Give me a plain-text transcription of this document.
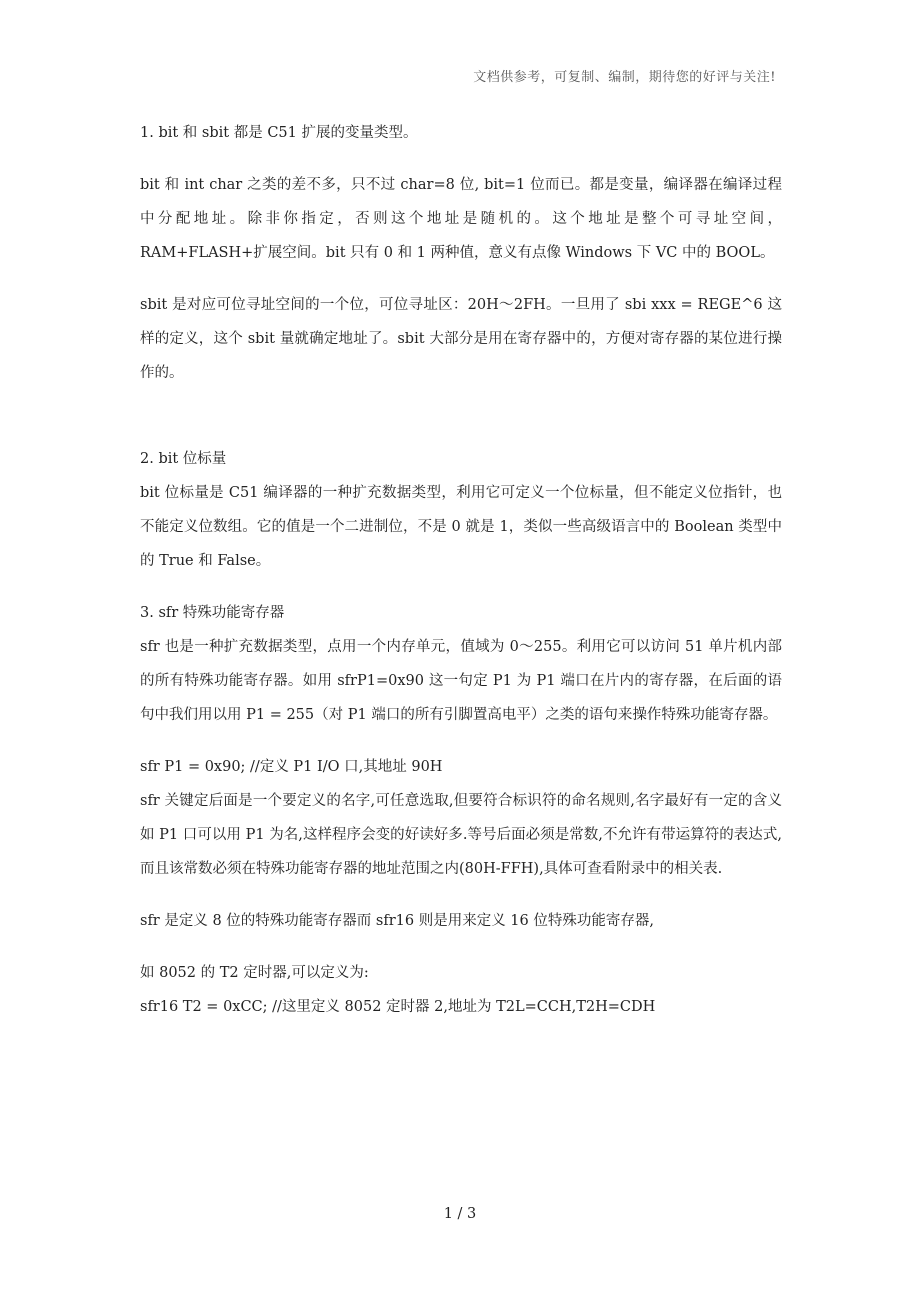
文档供参考，可复制、编制，期待您的好评与关注!

1. bit 和 sbit 都是 C51 扩展的变量类型。

bit 和 int char 之类的差不多，只不过 char=8 位, bit=1 位而已。都是变量，编译器在编译过程中分配地址。除非你指定，否则这个地址是随机的。这个地址是整个可寻址空间，RAM+FLASH+扩展空间。bit 只有 0 和 1 两种值，意义有点像 Windows 下 VC 中的 BOOL。

sbit 是对应可位寻址空间的一个位，可位寻址区：20H～2FH。一旦用了 sbi xxx = REGE^6 这样的定义，这个 sbit 量就确定地址了。sbit 大部分是用在寄存器中的，方便对寄存器的某位进行操作的。

2. bit 位标量

bit 位标量是 C51 编译器的一种扩充数据类型，利用它可定义一个位标量，但不能定义位指针，也不能定义位数组。它的值是一个二进制位，不是 0 就是 1，类似一些高级语言中的 Boolean 类型中的 True 和 False。

3. sfr 特殊功能寄存器

sfr 也是一种扩充数据类型，点用一个内存单元，值域为 0～255。利用它可以访问 51 单片机内部的所有特殊功能寄存器。如用 sfrP1=0x90 这一句定 P1 为 P1 端口在片内的寄存器，在后面的语句中我们用以用 P1 = 255（对 P1 端口的所有引脚置高电平）之类的语句来操作特殊功能寄存器。

sfr P1 = 0x90; //定义 P1 I/O 口,其地址 90H

sfr 关键定后面是一个要定义的名字,可任意选取,但要符合标识符的命名规则,名字最好有一定的含义如 P1 口可以用 P1 为名,这样程序会变的好读好多.等号后面必须是常数,不允许有带运算符的表达式,而且该常数必须在特殊功能寄存器的地址范围之内(80H-FFH),具体可查看附录中的相关表.

sfr 是定义 8 位的特殊功能寄存器而 sfr16 则是用来定义 16 位特殊功能寄存器,

如 8052 的 T2 定时器,可以定义为:

sfr16 T2 = 0xCC; //这里定义 8052 定时器 2,地址为 T2L=CCH,T2H=CDH

1 / 3
